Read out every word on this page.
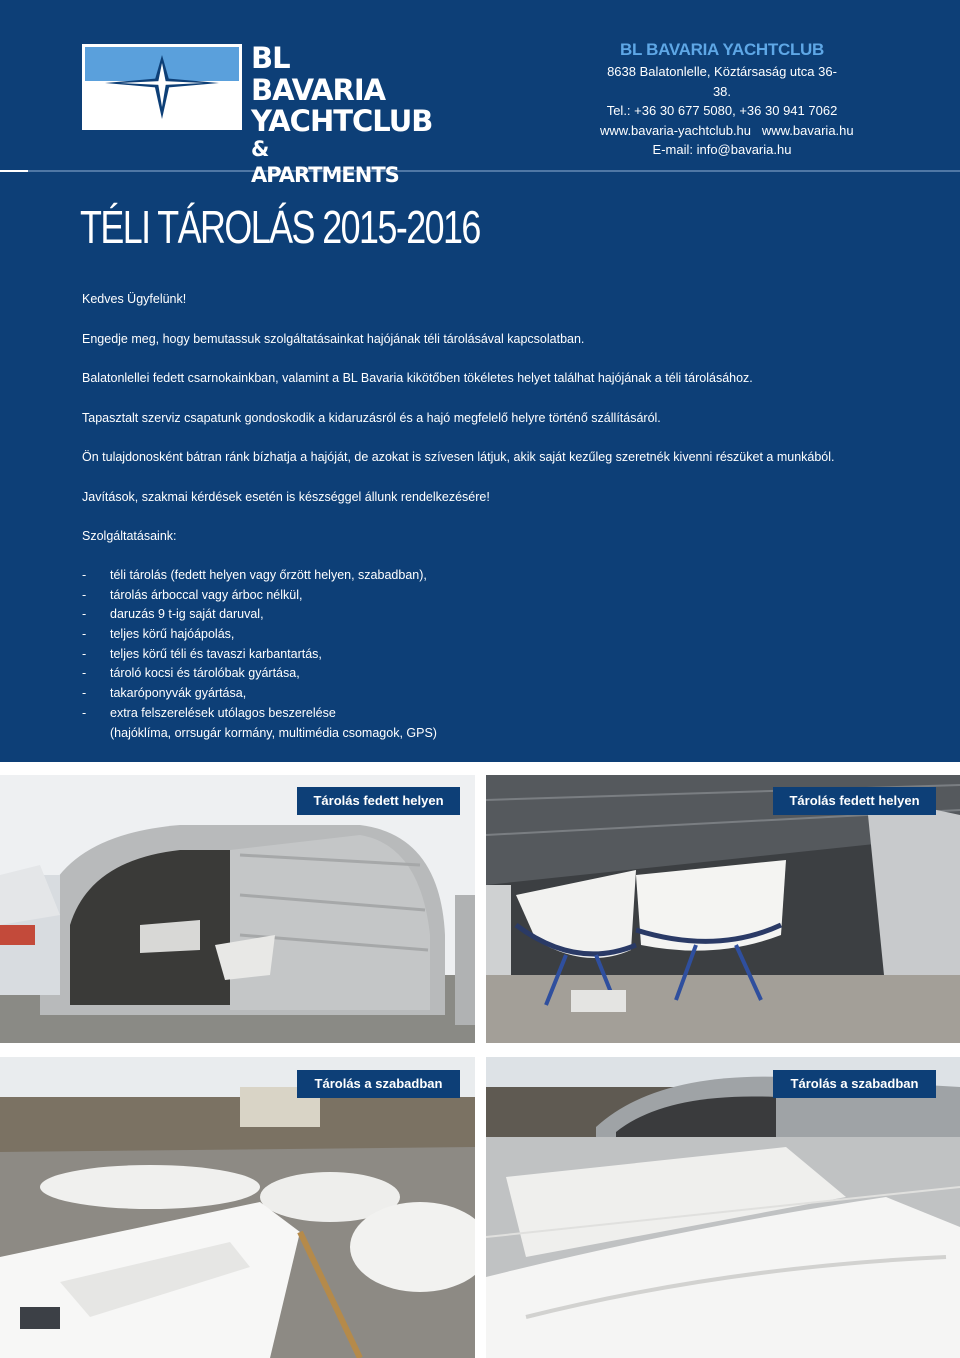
BL BAVARIA
YACHTCLUB
& APARTMENTS
BL BAVARIA YACHTCLUB
8638 Balatonlelle, Köztársaság utca 36-38.
Tel.: +36 30 677 5080, +36 30 941 7062
www.bavaria-yachtclub.hu   www.bavaria.hu
E-mail: info@bavaria.hu
TÉLI TÁROLÁS 2015-2016
Kedves Ügyfelünk!
Engedje meg, hogy bemutassuk szolgáltatásainkat hajójának téli tárolásával kapcsolatban.
Balatonlellei fedett csarnokainkban, valamint a BL Bavaria kikötőben tökéletes helyet találhat hajójának a téli tárolásához.
Tapasztalt szerviz csapatunk gondoskodik a kidaruzásról és a hajó megfelelő helyre történő szállításáról.
Ön tulajdonosként bátran ránk bízhatja a hajóját, de azokat is szívesen látjuk, akik saját kezűleg szeretnék kivenni részüket a munkából.
Javítások, szakmai kérdések esetén is készséggel állunk rendelkezésére!
Szolgáltatásaink:
- téli tárolás (fedett helyen vagy őrzött helyen, szabadban),
- tárolás árboccal vagy árboc nélkül,
- daruzás 9 t-ig saját daruval,
- teljes körű hajóápolás,
- teljes körű téli és tavaszi karbantartás,
- tároló kocsi és tárolóbak gyártása,
- takaróponyvák gyártása,
- extra felszerelések utólagos beszerelése
(hajóklíma, orrsugár kormány, multimédia csomagok, GPS)
Tárolás fedett helyen	Tárolás fedett helyen
Tárolás a szabadban	Tárolás a szabadban
